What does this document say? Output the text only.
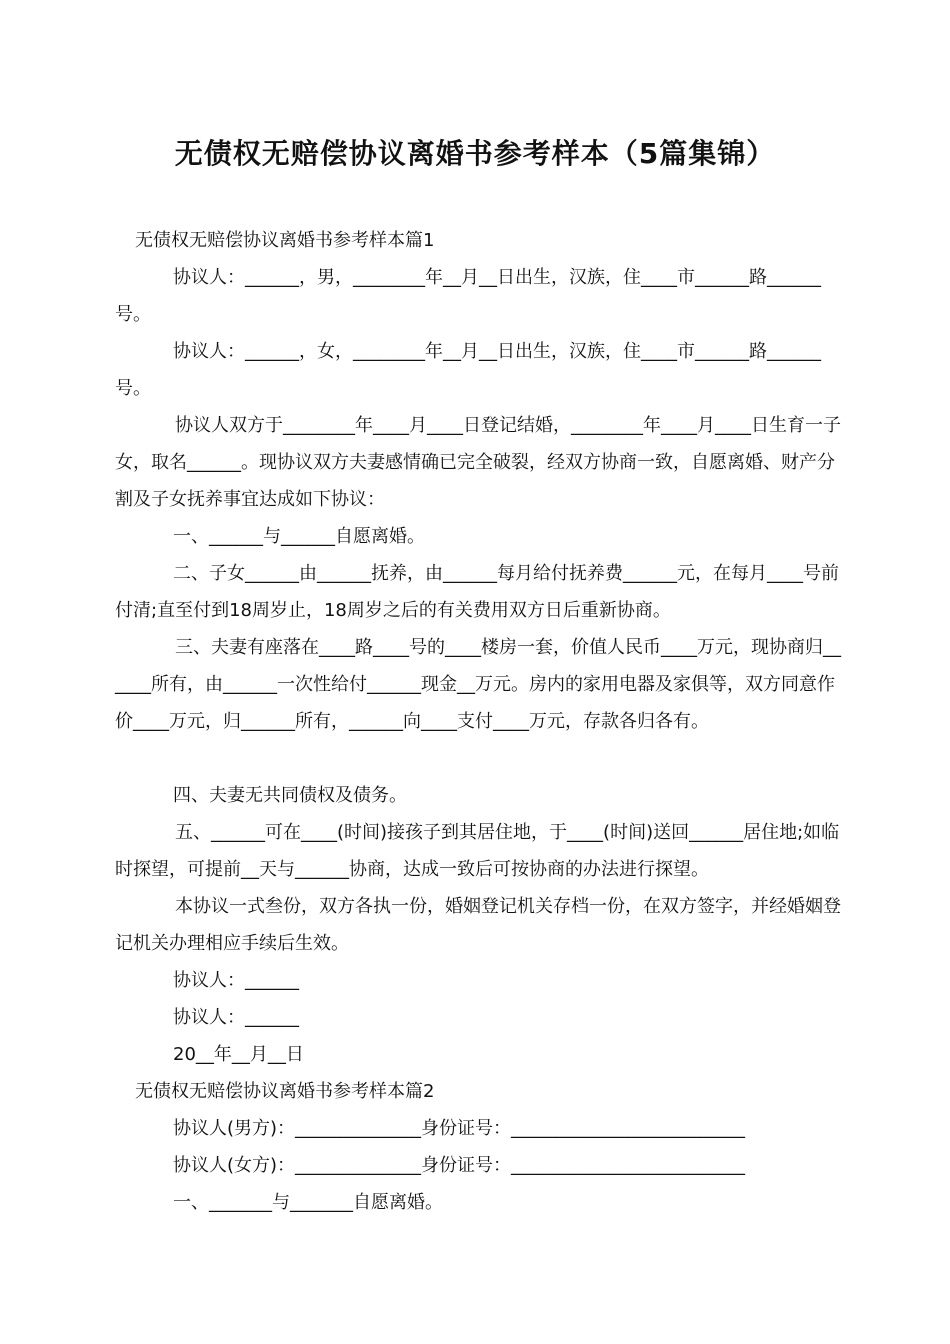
无债权无赔偿协议离婚书参考样本（5篇集锦）

无债权无赔偿协议离婚书参考样本篇1

协议人：______，男，________年__月__日出生，汉族，住____市______路______号。

协议人：______，女，________年__月__日出生，汉族，住____市______路______号。

协议人双方于________年____月____日登记结婚，________年____月____日生育一子女，取名______。现协议双方夫妻感情确已完全破裂，经双方协商一致，自愿离婚、财产分割及子女抚养事宜达成如下协议：

一、______与______自愿离婚。

二、子女______由______抚养，由______每月给付抚养费______元，在每月____号前付清;直至付到18周岁止，18周岁之后的有关费用双方日后重新协商。

三、夫妻有座落在____路____号的____楼房一套，价值人民币____万元，现协商归______所有，由______一次性给付______现金__万元。房内的家用电器及家俱等，双方同意作价____万元，归______所有，______向____支付____万元，存款各归各有。

四、夫妻无共同债权及债务。

五、______可在____(时间)接孩子到其居住地，于____(时间)送回______居住地;如临时探望，可提前__天与______协商，达成一致后可按协商的办法进行探望。

本协议一式叁份，双方各执一份，婚姻登记机关存档一份，在双方签字，并经婚姻登记机关办理相应手续后生效。

协议人：______

协议人：______

20__年__月__日

无债权无赔偿协议离婚书参考样本篇2

协议人(男方)：______________身份证号：__________________________

协议人(女方)：______________身份证号：__________________________

一、_______与_______自愿离婚。
